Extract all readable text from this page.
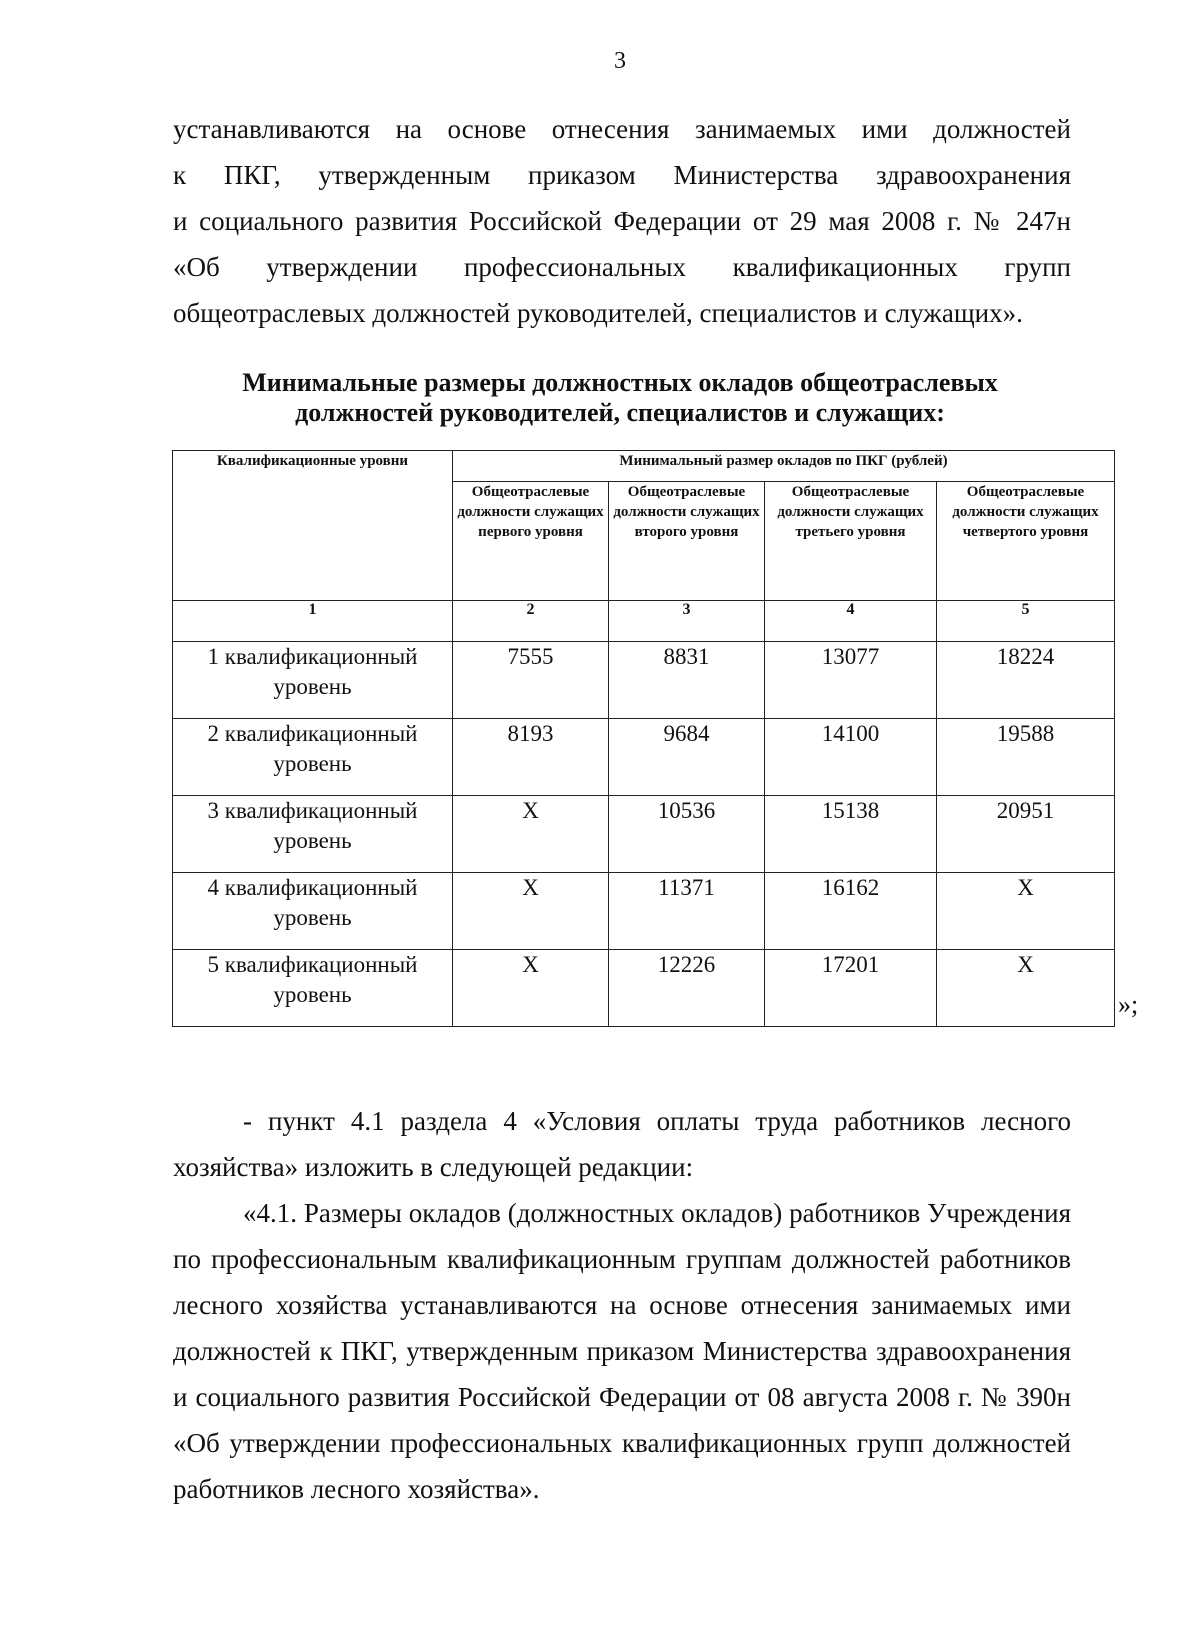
3
устанавливаются на основе отнесения занимаемых ими должностей
к ПКГ, утвержденным приказом Министерства здравоохранения
и социального развития Российской Федерации от 29 мая 2008 г. № 247н
«Об утверждении профессиональных квалификационных групп
общеотраслевых должностей руководителей, специалистов и служащих».
Минимальные размеры должностных окладов общеотраслевых
должностей руководителей, специалистов и служащих:
Квалификационные уровни	Минимальный размер окладов по ПКГ (рублей)			
	Общеотраслевые должности служащих первого уровня	Общеотраслевые должности служащих второго уровня	Общеотраслевые должности служащих третьего уровня	Общеотраслевые должности служащих четвертого уровня
1	2	3	4	5
1 квалификационный уровень	7555	8831	13077	18224
2 квалификационный уровень	8193	9684	14100	19588
3 квалификационный уровень	Х	10536	15138	20951
4 квалификационный уровень	Х	11371	16162	Х
5 квалификационный уровень	Х	12226	17201	Х
»;
- пункт 4.1 раздела 4 «Условия оплаты труда работников лесного хозяйства» изложить в следующей редакции:
«4.1. Размеры окладов (должностных окладов) работников Учреждения по профессиональным квалификационным группам должностей работников лесного хозяйства устанавливаются на основе отнесения занимаемых ими должностей к ПКГ, утвержденным приказом Министерства здравоохранения и социального развития Российской Федерации от 08 августа 2008 г. № 390н «Об утверждении профессиональных квалификационных групп должностей работников лесного хозяйства».
